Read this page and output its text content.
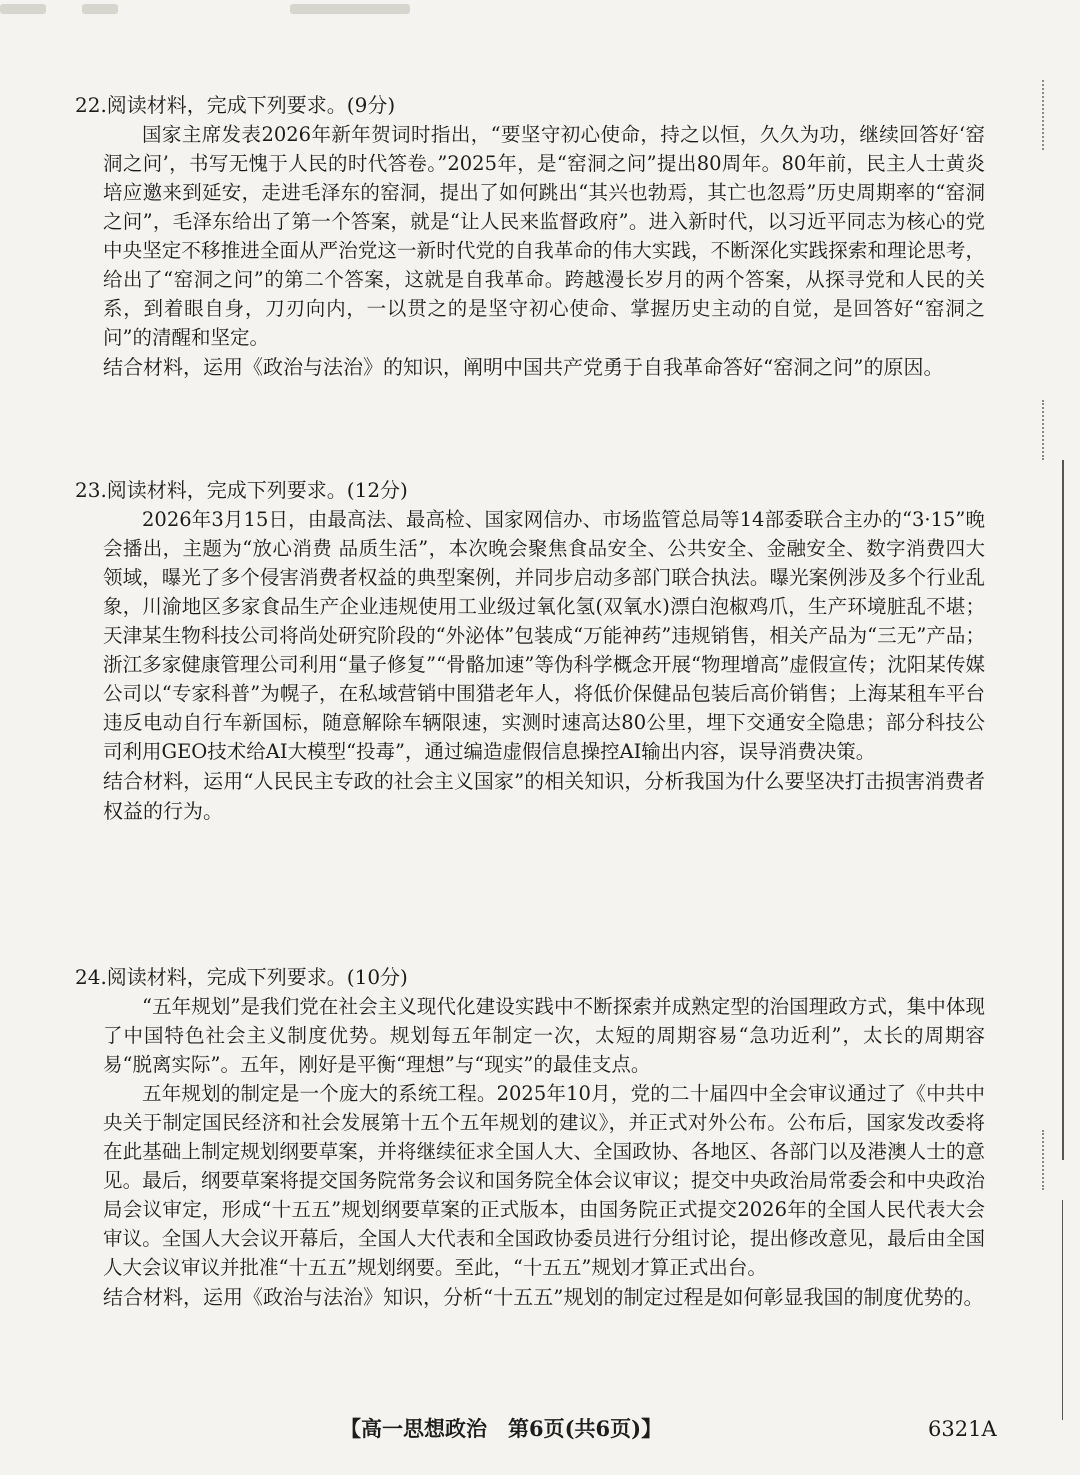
22.阅读材料，完成下列要求。(9分)

国家主席发表2026年新年贺词时指出，“要坚守初心使命，持之以恒，久久为功，继续回答好‘窑洞之问’，书写无愧于人民的时代答卷。”2025年，是“窑洞之问”提出80周年。80年前，民主人士黄炎培应邀来到延安，走进毛泽东的窑洞，提出了如何跳出“其兴也勃焉，其亡也忽焉”历史周期率的“窑洞之问”，毛泽东给出了第一个答案，就是“让人民来监督政府”。进入新时代，以习近平同志为核心的党中央坚定不移推进全面从严治党这一新时代党的自我革命的伟大实践，不断深化实践探索和理论思考，给出了“窑洞之问”的第二个答案，这就是自我革命。跨越漫长岁月的两个答案，从探寻党和人民的关系，到着眼自身，刀刃向内，一以贯之的是坚守初心使命、掌握历史主动的自觉，是回答好“窑洞之问”的清醒和坚定。

结合材料，运用《政治与法治》的知识，阐明中国共产党勇于自我革命答好“窑洞之问”的原因。

23.阅读材料，完成下列要求。(12分)

2026年3月15日，由最高法、最高检、国家网信办、市场监管总局等14部委联合主办的“3·15”晚会播出，主题为“放心消费 品质生活”，本次晚会聚焦食品安全、公共安全、金融安全、数字消费四大领域，曝光了多个侵害消费者权益的典型案例，并同步启动多部门联合执法。曝光案例涉及多个行业乱象，川渝地区多家食品生产企业违规使用工业级过氧化氢(双氧水)漂白泡椒鸡爪，生产环境脏乱不堪；天津某生物科技公司将尚处研究阶段的“外泌体”包装成“万能神药”违规销售，相关产品为“三无”产品；浙江多家健康管理公司利用“量子修复”“骨骼加速”等伪科学概念开展“物理增高”虚假宣传；沈阳某传媒公司以“专家科普”为幌子，在私域营销中围猎老年人，将低价保健品包装后高价销售；上海某租车平台违反电动自行车新国标，随意解除车辆限速，实测时速高达80公里，埋下交通安全隐患；部分科技公司利用GEO技术给AI大模型“投毒”，通过编造虚假信息操控AI输出内容，误导消费决策。

结合材料，运用“人民民主专政的社会主义国家”的相关知识，分析我国为什么要坚决打击损害消费者权益的行为。

24.阅读材料，完成下列要求。(10分)

“五年规划”是我们党在社会主义现代化建设实践中不断探索并成熟定型的治国理政方式，集中体现了中国特色社会主义制度优势。规划每五年制定一次，太短的周期容易“急功近利”，太长的周期容易“脱离实际”。五年，刚好是平衡“理想”与“现实”的最佳支点。

五年规划的制定是一个庞大的系统工程。2025年10月，党的二十届四中全会审议通过了《中共中央关于制定国民经济和社会发展第十五个五年规划的建议》，并正式对外公布。公布后，国家发改委将在此基础上制定规划纲要草案，并将继续征求全国人大、全国政协、各地区、各部门以及港澳人士的意见。最后，纲要草案将提交国务院常务会议和国务院全体会议审议；提交中央政治局常委会和中央政治局会议审定，形成“十五五”规划纲要草案的正式版本，由国务院正式提交2026年的全国人民代表大会审议。全国人大会议开幕后，全国人大代表和全国政协委员进行分组讨论，提出修改意见，最后由全国人大会议审议并批准“十五五”规划纲要。至此，“十五五”规划才算正式出台。

结合材料，运用《政治与法治》知识，分析“十五五”规划的制定过程是如何彰显我国的制度优势的。

【高一思想政治　第6页(共6页)】	6321A
